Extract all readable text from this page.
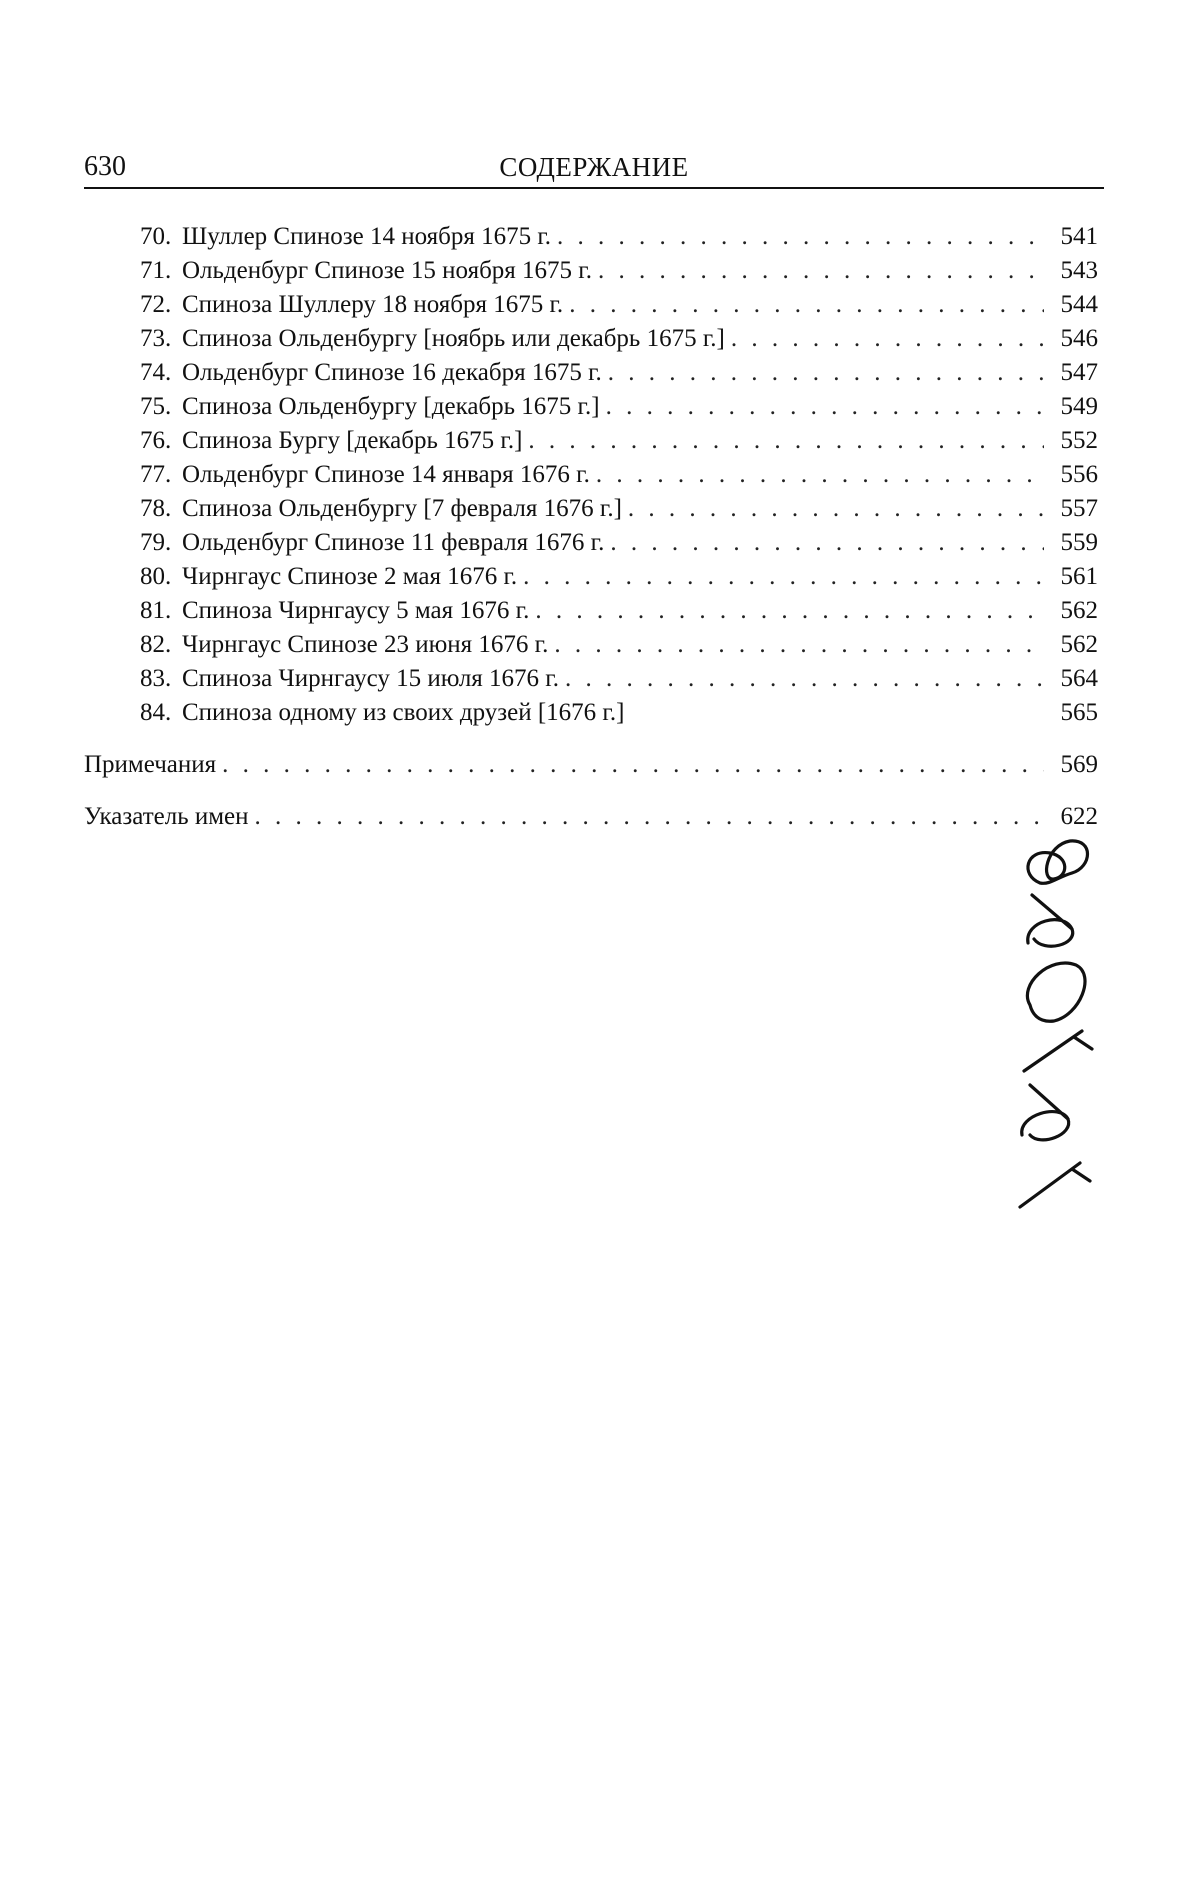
630	СОДЕРЖАНИЕ
70. Шуллер Спинозе 14 ноября 1675 г. . . .	541
71. Ольденбург Спинозе 15 ноября 1675 г. . . .	543
72. Спиноза Шуллеру 18 ноября 1675 г. . . .	544
73. Спиноза Ольденбургу [ноябрь или декабрь 1675 г.] . . .	546
74. Ольденбург Спинозе 16 декабря 1675 г. . . .	547
75. Спиноза Ольденбургу [декабрь 1675 г.] . . .	549
76. Спиноза Бургу [декабрь 1675 г.] . . .	552
77. Ольденбург Спинозе 14 января 1676 г. . . .	556
78. Спиноза Ольденбургу [7 февраля 1676 г.] . . .	557
79. Ольденбург Спинозе 11 февраля 1676 г. . . .	559
80. Чирнгаус Спинозе 2 мая 1676 г. . . .	561
81. Спиноза Чирнгаусу 5 мая 1676 г. . . .	562
82. Чирнгаус Спинозе 23 июня 1676 г. . . .	562
83. Спиноза Чирнгаусу 15 июля 1676 г. . . .	564
84. Спиноза одному из своих друзей [1676 г.]	565
Примечания . . .	569
Указатель имен . . .	622
